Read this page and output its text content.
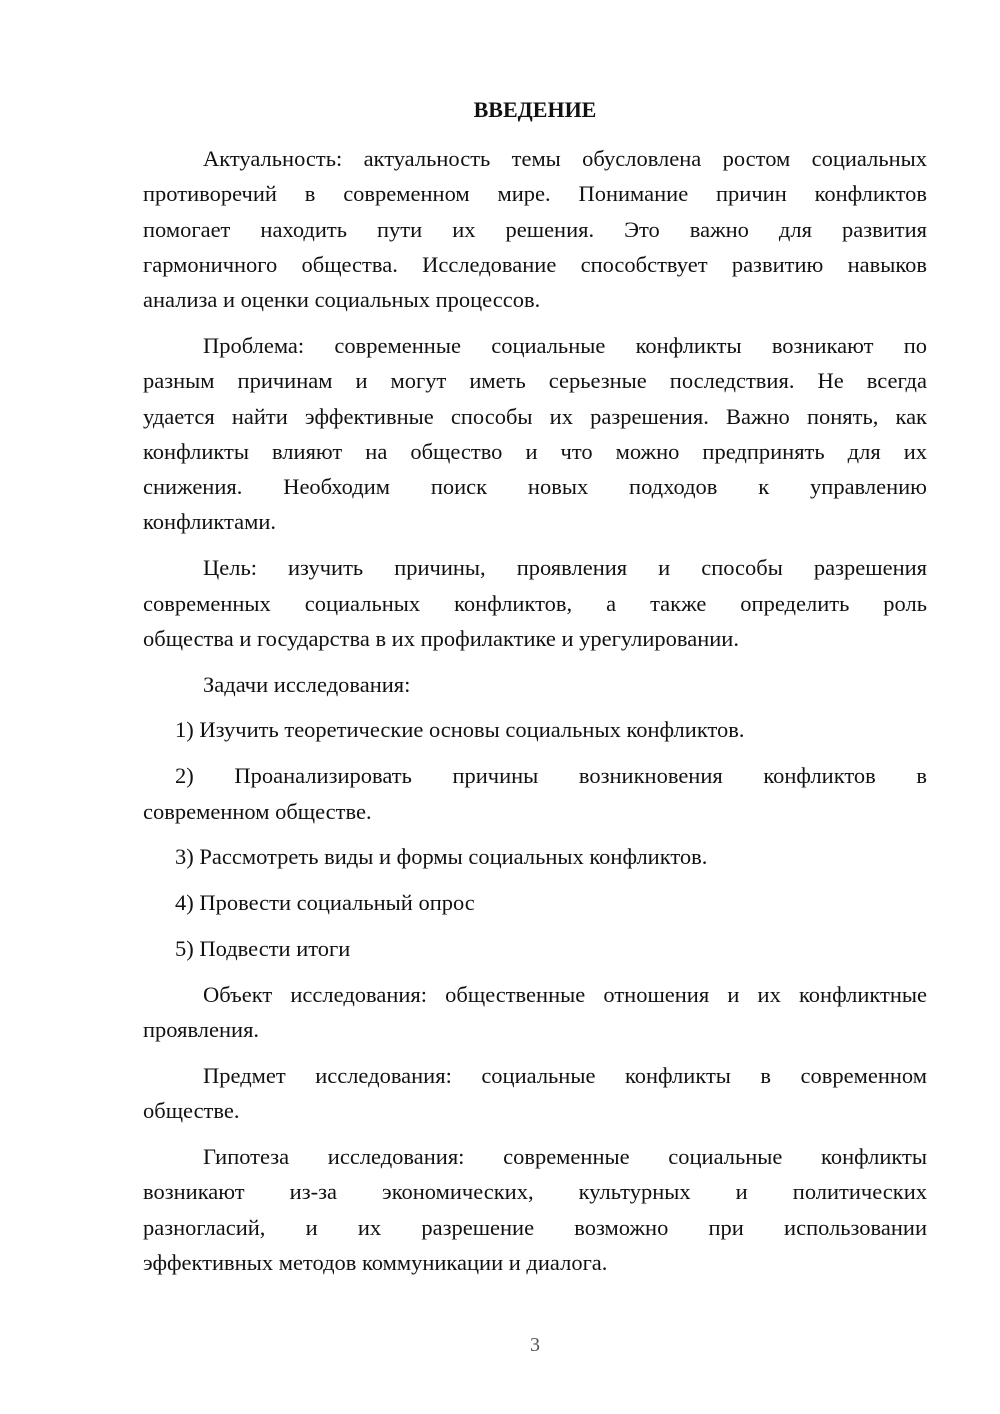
ВВЕДЕНИЕ
Актуальность: актуальность темы обусловлена ростом социальных
противоречий в современном мире. Понимание причин конфликтов
помогает находить пути их решения. Это важно для развития
гармоничного общества. Исследование способствует развитию навыков
анализа и оценки социальных процессов.
Проблема: современные социальные конфликты возникают по
разным причинам и могут иметь серьезные последствия. Не всегда
удается найти эффективные способы их разрешения. Важно понять, как
конфликты влияют на общество и что можно предпринять для их
снижения. Необходим поиск новых подходов к управлению
конфликтами.
Цель: изучить причины, проявления и способы разрешения
современных социальных конфликтов, а также определить роль
общества и государства в их профилактике и урегулировании.
Задачи исследования:
1) Изучить теоретические основы социальных конфликтов.
2) Проанализировать причины возникновения конфликтов в
современном обществе.
3) Рассмотреть виды и формы социальных конфликтов.
4) Провести социальный опрос
5) Подвести итоги
Объект исследования: общественные отношения и их конфликтные
проявления.
Предмет исследования: социальные конфликты в современном
обществе.
Гипотеза исследования: современные социальные конфликты
возникают из-за экономических, культурных и политических
разногласий, и их разрешение возможно при использовании
эффективных методов коммуникации и диалога.
3
